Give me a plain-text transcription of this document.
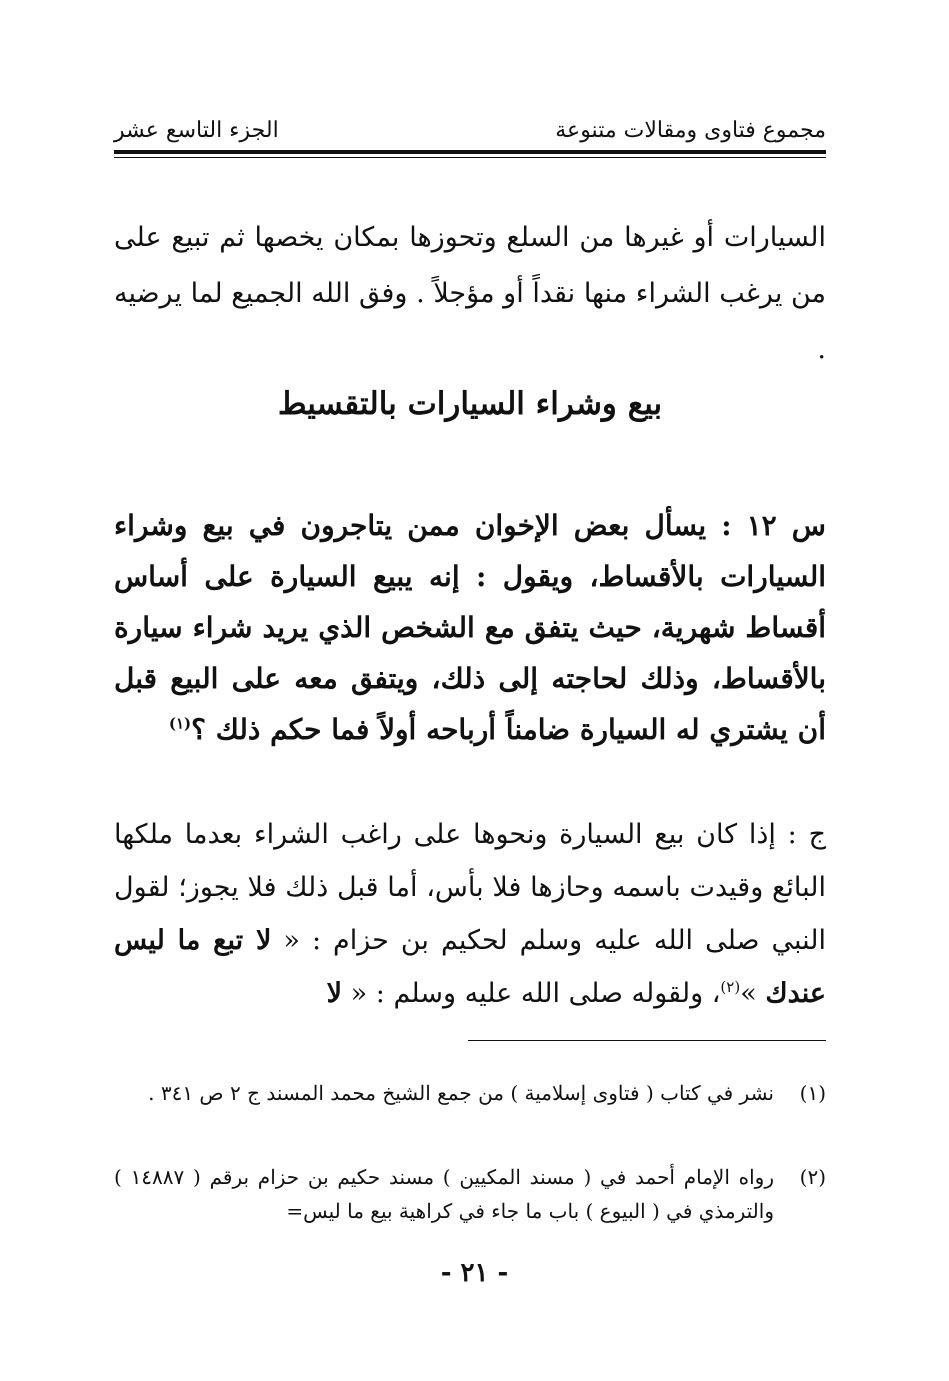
مجموع فتاوى ومقالات متنوعة
الجزء التاسع عشر
السيارات أو غيرها من السلع وتحوزها بمكان يخصها ثم تبيع على من يرغب الشراء منها نقداً أو مؤجلاً . وفق الله الجميع لما يرضيه .
بيع وشراء السيارات بالتقسيط
س ١٢ : يسأل بعض الإخوان ممن يتاجرون في بيع وشراء السيارات بالأقساط، ويقول : إنه يبيع السيارة على أساس أقساط شهرية، حيث يتفق مع الشخص الذي يريد شراء سيارة بالأقساط، وذلك لحاجته إلى ذلك، ويتفق معه على البيع قبل أن يشتري له السيارة ضامناً أرباحه أولاً فما حكم ذلك ؟$^{(١)}$
ج : إذا كان بيع السيارة ونحوها على راغب الشراء بعدما ملكها البائع وقيدت باسمه وحازها فلا بأس، أما قبل ذلك فلا يجوز؛ لقول النبي صلى الله عليه وسلم لحكيم بن حزام : « لا تبع ما ليس عندك »$^{(٢)}$، ولقوله صلى الله عليه وسلم : « لا
(١)
نشر في كتاب ( فتاوى إسلامية ) من جمع الشيخ محمد المسند ج ٢ ص ٣٤١ .
(٢)
رواه الإمام أحمد في ( مسند المكيين ) مسند حكيم بن حزام برقم ( ١٤٨٨٧ ) والترمذي في ( البيوع ) باب ما جاء في كراهية بيع ما ليس=
- ٢١ -
